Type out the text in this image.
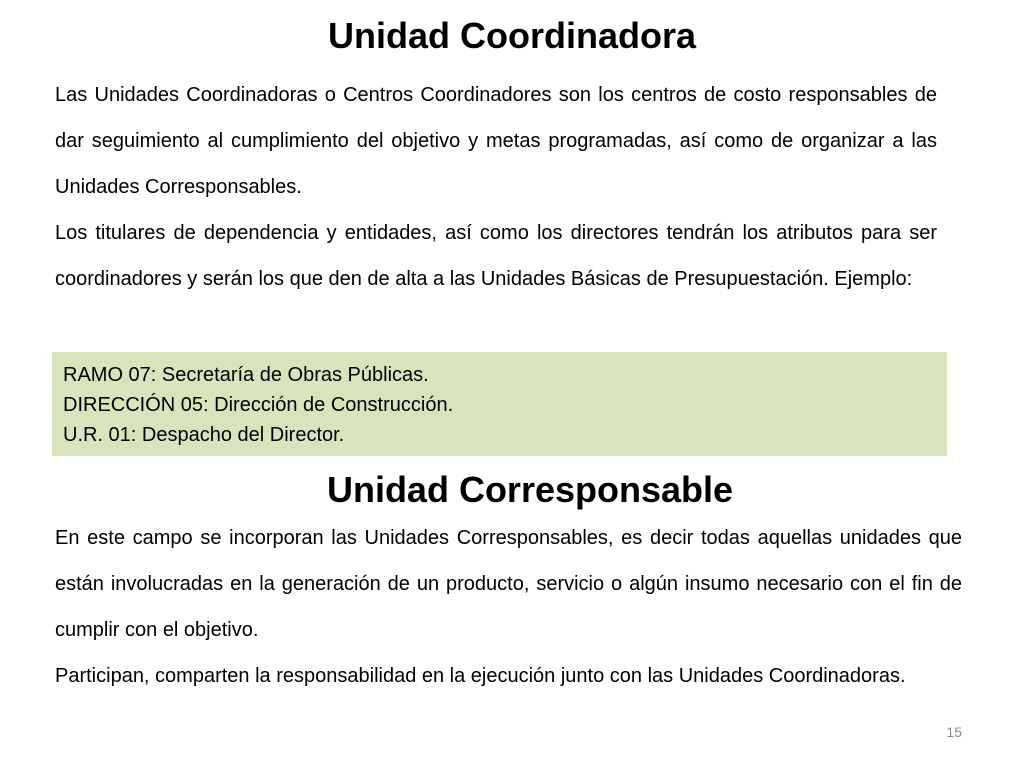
Unidad Coordinadora

Las Unidades Coordinadoras o Centros Coordinadores son los centros de costo responsables de dar seguimiento al cumplimiento del objetivo y metas programadas, así como de organizar a las Unidades Corresponsables.

Los titulares de dependencia y entidades, así como los directores tendrán los atributos para ser coordinadores y serán los que den de alta a las Unidades Básicas de Presupuestación. Ejemplo:

RAMO 07: Secretaría de Obras Públicas.
DIRECCIÓN 05: Dirección de Construcción.
U.R. 01: Despacho del Director.
Unidad Corresponsable

En este campo se incorporan las Unidades Corresponsables, es decir todas aquellas unidades que están involucradas en la generación de un producto, servicio o algún insumo necesario con el fin de cumplir con el objetivo.

Participan, comparten la responsabilidad en la ejecución junto con las Unidades Coordinadoras.

15
